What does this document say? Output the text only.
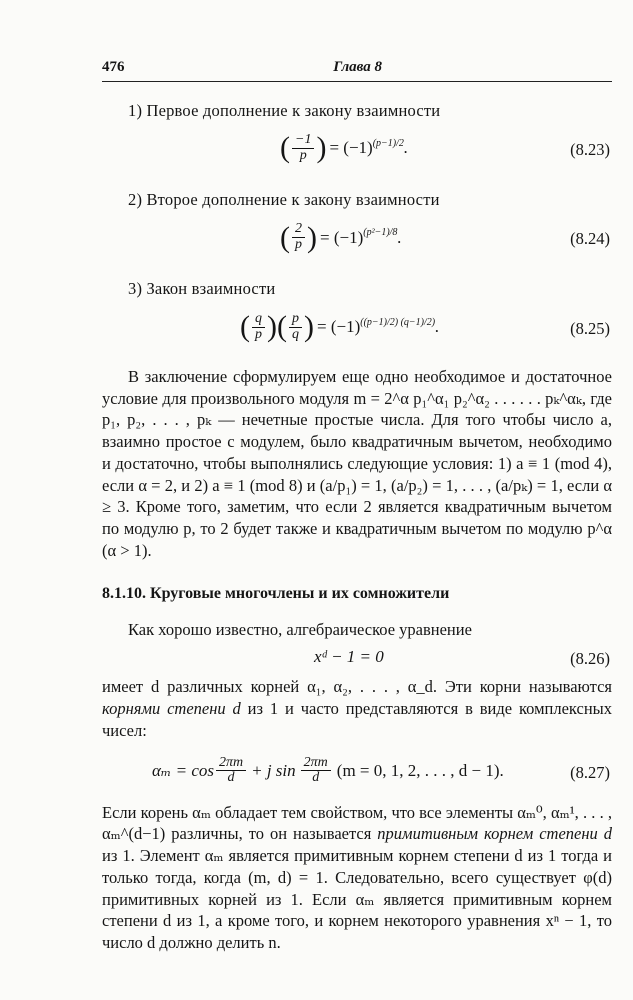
476	Глава 8
1) Первое дополнение к закону взаимности
( $\frac{-1}{p}$ ) = $(-1)^{(p-1)/2}$ .	(8.23)
2) Второе дополнение к закону взаимности
( $\frac{2}{p}$ ) = $(-1)^{(p^2-1)/8}$ .	(8.24)
3) Закон взаимности
( $\frac{q}{p}$ ) ( $\frac{p}{q}$ ) = $(-1)^{((p-1)/2) (q-1)/2)}$ .	(8.25)
В заключение сформулируем еще одно необходимое и достаточное условие для произвольного модуля m = 2^α p₁^α₁ p₂^α₂ . . . . . . pₖ^αₖ, где p₁, p₂, . . . , pₖ — нечетные простые числа. Для того чтобы число a, взаимно простое с модулем, было квадратичным вычетом, необходимо и достаточно, чтобы выполнялись следующие условия: 1) a ≡ 1 (mod 4), если α = 2, и 2) a ≡ 1 (mod 8) и (a/p₁) = 1, (a/p₂) = 1, . . . , (a/pₖ) = 1, если α ≥ 3. Кроме того, заметим, что если 2 является квадратичным вычетом по модулю p, то 2 будет также и квадратичным вычетом по модулю p^α (α > 1).
8.1.10. Круговые многочлены и их сомножители
Как хорошо известно, алгебраическое уравнение
xᵈ − 1 = 0	(8.26)
имеет d различных корней α₁, α₂, . . . , α_d. Эти корни называются корнями степени d из 1 и часто представляются в виде комплексных чисел:
$\alpha_m = \cos \frac{2\pi m}{d} + j$ $\sin \frac{2\pi m}{d} (m = 0$, 1, 2, . . . , d − 1).	(8.27)
Если корень αₘ обладает тем свойством, что все элементы αₘ⁰, αₘ¹, . . . , αₘ^(d−1) различны, то он называется примитивным корнем степени d из 1. Элемент αₘ является примитивным корнем степени d из 1 тогда и только тогда, когда (m, d) = 1. Следовательно, всего существует φ(d) примитивных корней из 1. Если αₘ является примитивным корнем степени d из 1, а кроме того, и корнем некоторого уравнения xⁿ − 1, то число d должно делить n.
